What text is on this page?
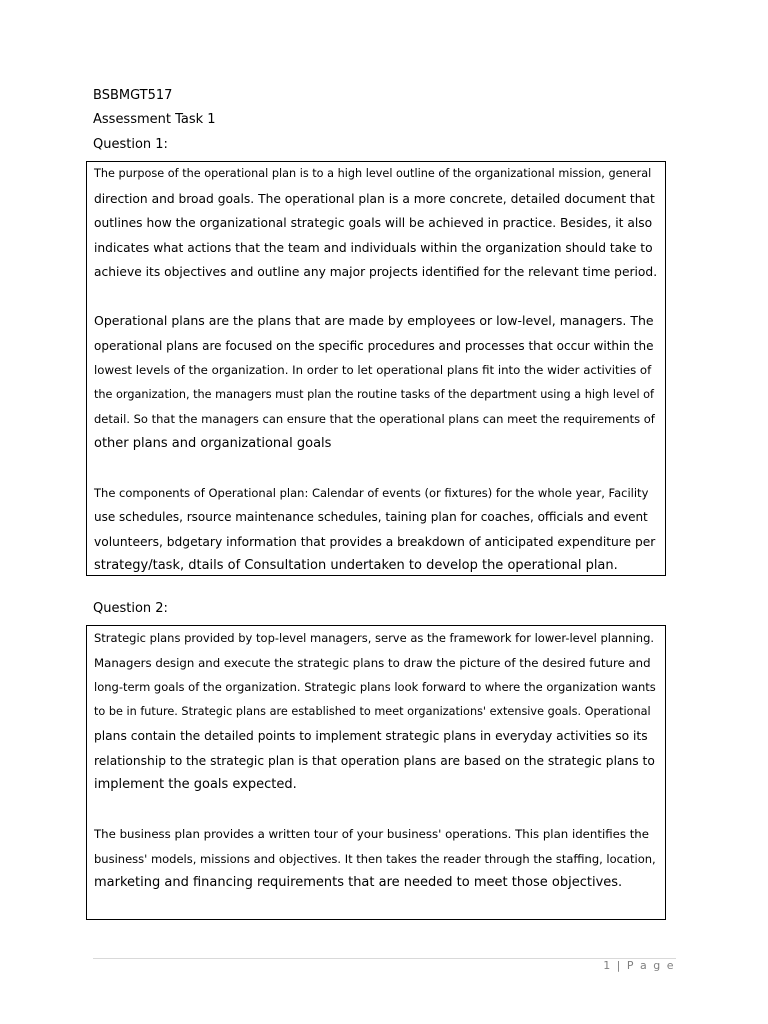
BSBMGT517
Assessment Task 1
Question 1:

The purpose of the operational plan is to a high level outline of the organizational mission, general

direction and broad goals. The operational plan is a more concrete, detailed document that

outlines how the organizational strategic goals will be achieved in practice. Besides, it also

indicates what actions that the team and individuals within the organization should take to

achieve its objectives and outline any major projects identified for the relevant time period.

Operational plans are the plans that are made by employees or low-level, managers. The

operational plans are focused on the specific procedures and processes that occur within the

lowest levels of the organization. In order to let operational plans fit into the wider activities of

the organization, the managers must plan the routine tasks of the department using a high level of

detail. So that the managers can ensure that the operational plans can meet the requirements of

other plans and organizational goals

The components of Operational plan: Calendar of events (or fixtures) for the whole year, Facility

use schedules, rsource maintenance schedules, taining plan for coaches, officials and event

volunteers, bdgetary information that provides a breakdown of anticipated expenditure per

strategy/task, dtails of Consultation undertaken to develop the operational plan.

Question 2:

Strategic plans provided by top-level managers, serve as the framework for lower-level planning.

Managers design and execute the strategic plans to draw the picture of the desired future and

long-term goals of the organization. Strategic plans look forward to where the organization wants

to be in future. Strategic plans are established to meet organizations' extensive goals. Operational

plans contain the detailed points to implement strategic plans in everyday activities so its

relationship to the strategic plan is that operation plans are based on the strategic plans to

implement the goals expected.

The business plan provides a written tour of your business' operations. This plan identifies the

business' models, missions and objectives. It then takes the reader through the staffing, location,

marketing and financing requirements that are needed to meet those objectives.

1 | P a g e
